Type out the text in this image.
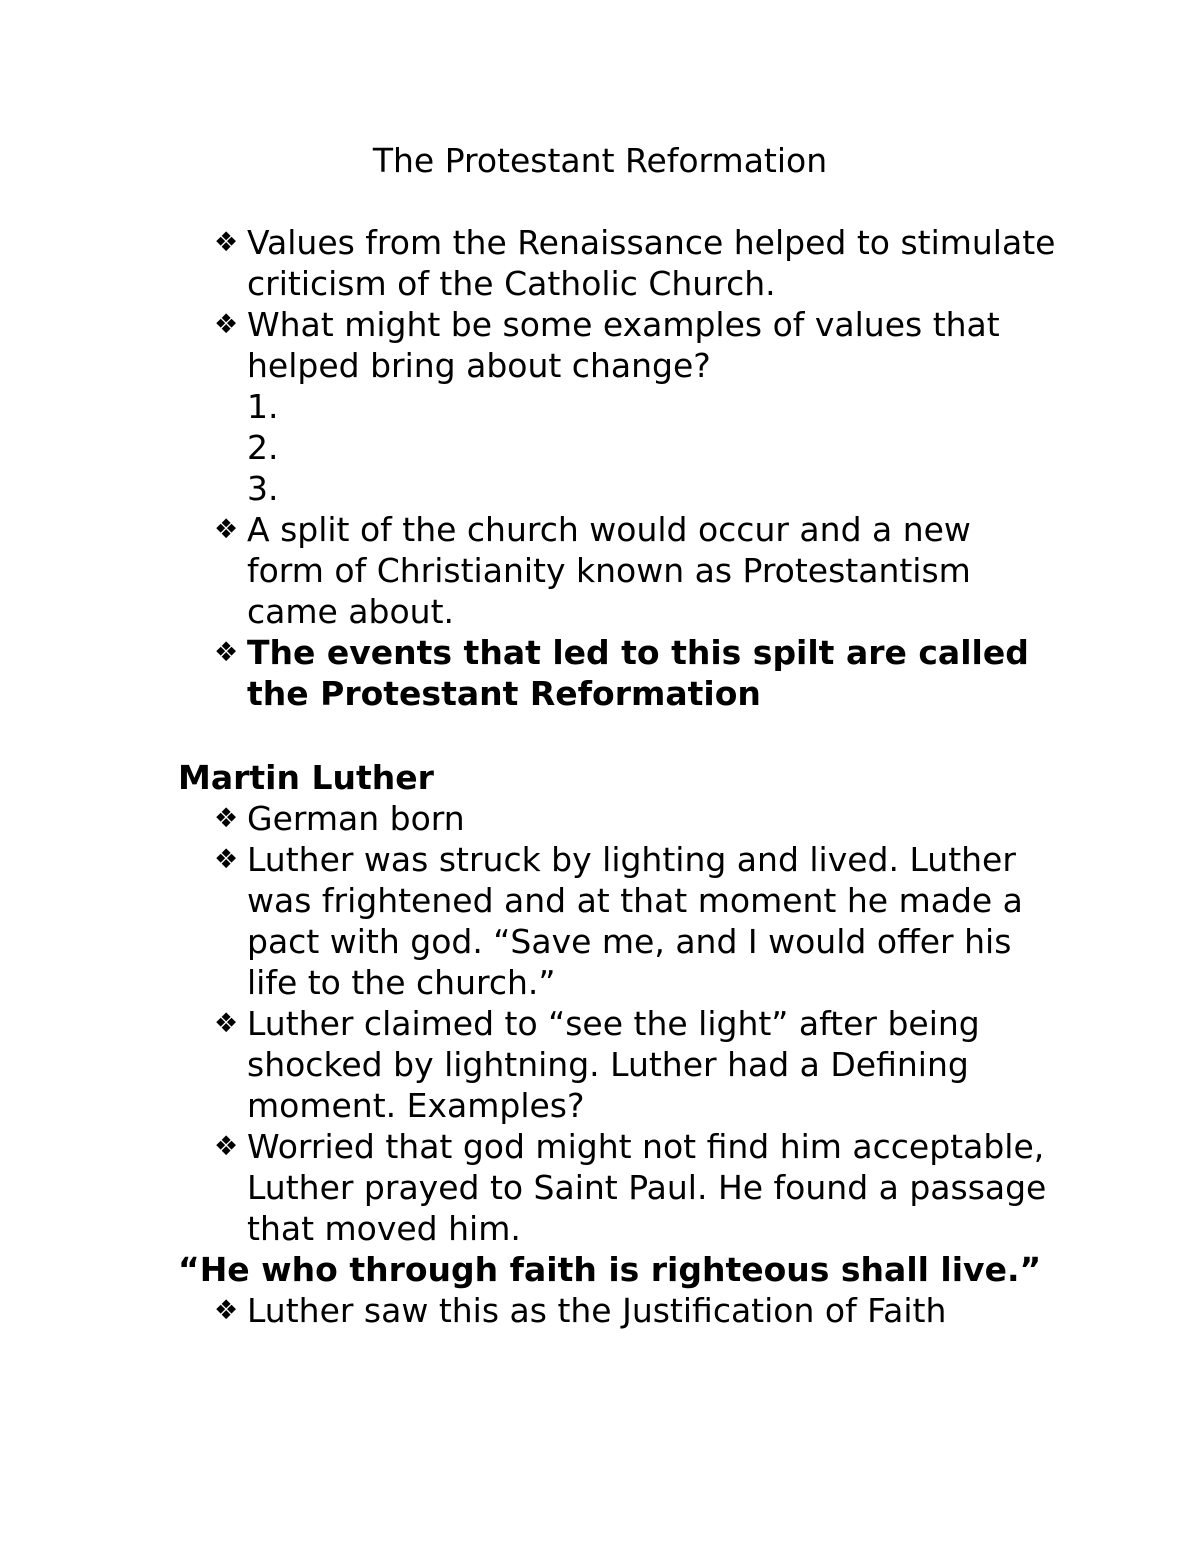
The Protestant Reformation
❖ Values from the Renaissance helped to stimulate criticism of the Catholic Church.
❖ What might be some examples of values that helped bring about change?
1.
2.
3.
❖ A split of the church would occur and a new form of Christianity known as Protestantism came about.
❖ The events that led to this spilt are called the Protestant Reformation
Martin Luther
❖ German born
❖ Luther was struck by lighting and lived. Luther was frightened and at that moment he made a pact with god. “Save me, and I would offer his life to the church.”
❖ Luther claimed to “see the light” after being shocked by lightning. Luther had a Defining moment. Examples?
❖ Worried that god might not find him acceptable, Luther prayed to Saint Paul. He found a passage that moved him.
“He who through faith is righteous shall live.”
❖ Luther saw this as the Justification of Faith
